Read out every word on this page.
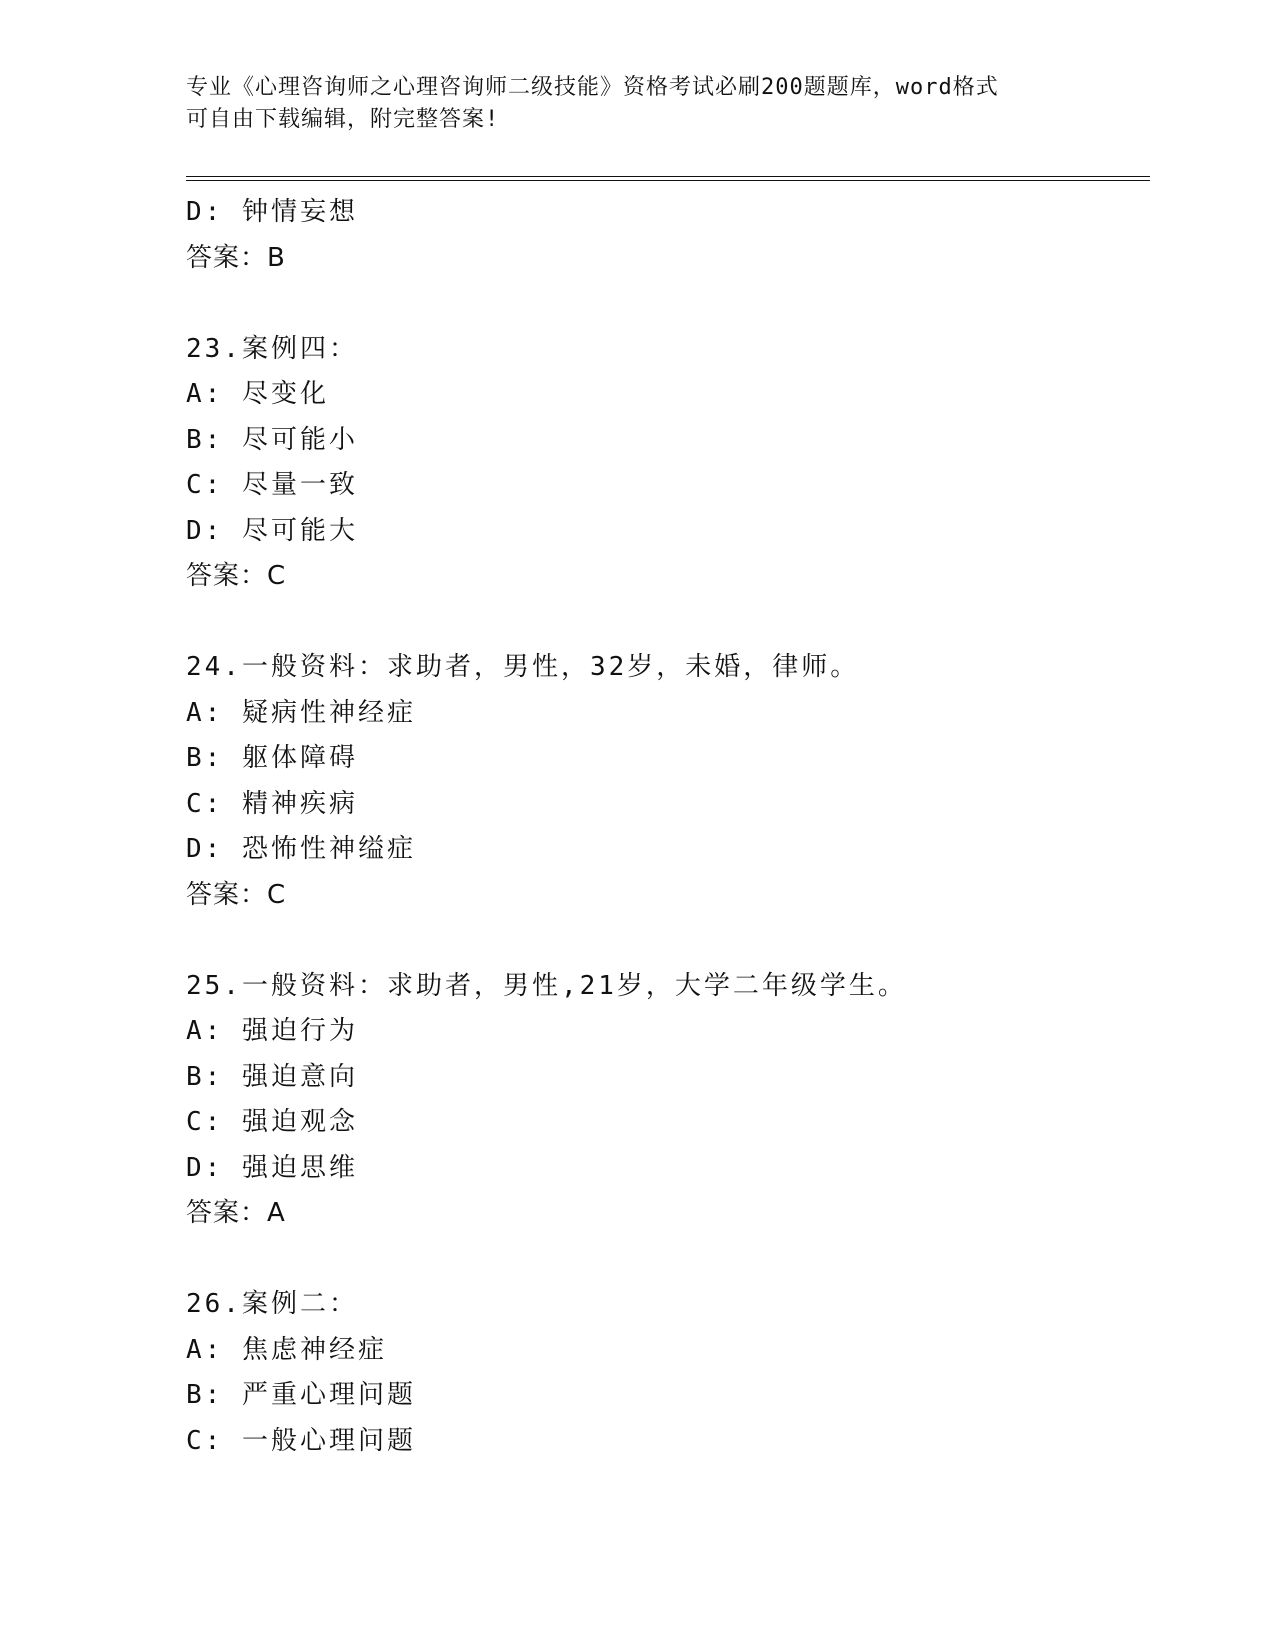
专业《心理咨询师之心理咨询师二级技能》资格考试必刷200题题库，word格式
可自由下载编辑，附完整答案!
D: 钟情妄想
答案：B
23.案例四：
A: 尽变化
B: 尽可能小
C: 尽量一致
D: 尽可能大
答案：C
24.一般资料：求助者，男性，32岁，未婚，律师。
A: 疑病性神经症
B: 躯体障碍
C: 精神疾病
D: 恐怖性神缢症
答案：C
25.一般资料：求助者，男性,21岁，大学二年级学生。
A: 强迫行为
B: 强迫意向
C: 强迫观念
D: 强迫思维
答案：A
26.案例二：
A: 焦虑神经症
B: 严重心理问题
C: 一般心理问题
